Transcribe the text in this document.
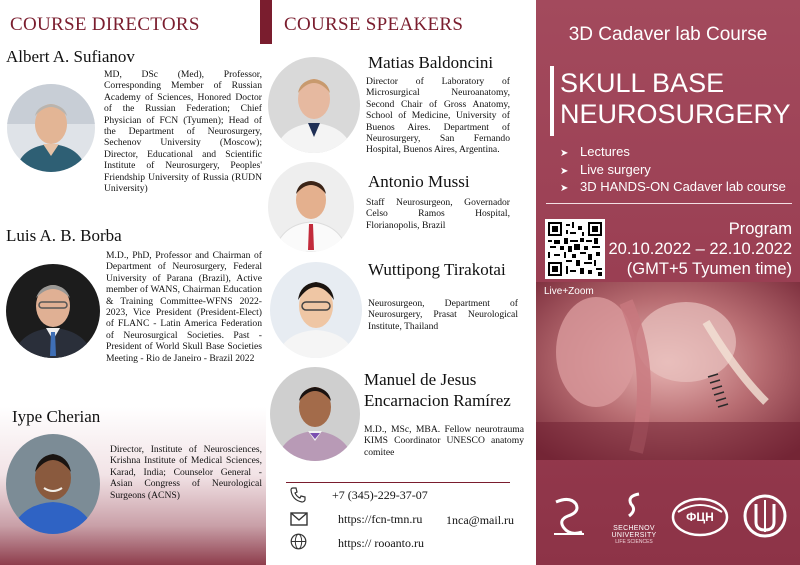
COURSE DIRECTORS
Albert A. Sufianov
MD, DSc (Med), Professor, Corresponding Member of Russian Academy of Sciences, Honored Doctor of the Russian Federation; Chief Physician of FCN (Tyumen); Head of the Department of Neurosurgery, Sechenov University (Moscow); Director, Educational and Scientific Institute of Neurosurgery, Peoples' Friendship University of Russia (RUDN University)
Luis A. B. Borba
M.D., PhD, Professor and Chairman of Department of Neurosurgery, Federal University of Parana (Brazil), Active member of WANS, Chairman Education & Training Committee-WFNS 2022-2023, Vice President (President-Elect) of FLANC - Latin America Federation of Neurosurgical Societies. Past - President of World Skull Base Societies Meeting - Rio de Janeiro - Brazil 2022
Iype Cherian
Director, Institute of Neurosciences, Krishna Institute of Medical Sciences, Karad, India; Counselor General - Asian Congress of Neurological Surgeons (ACNS)
COURSE SPEAKERS
Matias Baldoncini
Director of Laboratory of Microsurgical Neuroanatomy, Second Chair of Gross Anatomy, School of Medicine, University of Buenos Aires. Department of Neurosurgery, San Fernando Hospital, Buenos Aires, Argentina.
Antonio Mussi
Staff Neurosurgeon, Governador Celso Ramos Hospital, Florianopolis, Brazil
Wuttipong Tirakotai
Neurosurgeon, Department of Neurosurgery, Prasat Neurological Institute, Thailand
Manuel de Jesus
Encarnacion Ramírez
M.D., MSc, MBA. Fellow neurotrauma KIMS Coordinator UNESCO anatomy comitee
+7 (345)-229-37-07
https://fcn-tmn.ru 1nca@mail.ru
https:// rooanto.ru
3D Cadaver lab Course
SKULL BASE
NEUROSURGERY
➤ Lectures
➤ Live surgery
➤ 3D HANDS-ON Cadaver lab course
Program
20.10.2022 – 22.10.2022
(GMT+5 Tyumen time)
Live+Zoom
SECHENOV UNIVERSITY
LIFE SCIENCES
ФЦН
